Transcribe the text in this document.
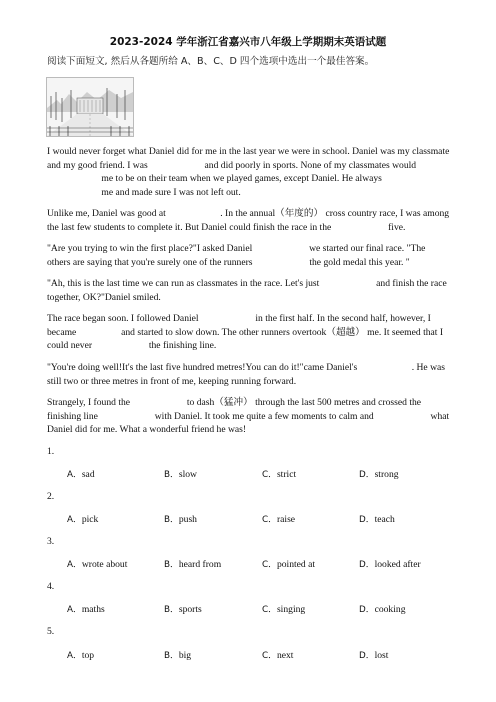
2023-2024 学年浙江省嘉兴市八年级上学期期末英语试题
阅读下面短文, 然后从各题所给 A、B、C、D 四个选项中选出一个最佳答案。
I would never forget what Daniel did for me in the last year we were in school. Daniel was my classmate and my good friend. I was	and did poorly in sports. None of my classmates would  me to be on their team when we played games, except Daniel. He always
me and made sure I was not left out.
Unlike me, Daniel was good at	. In the annual（年度的） cross country race, I was among the last few students to complete it. But Daniel could finish the race in the	five.
"Are you trying to win the first place?"I asked Daniel	we started our final race. "The others are saying that you're surely one of the runners	the gold medal this year. "
"Ah, this is the last time we can run as classmates in the race. Let's just	and finish the race together, OK?"Daniel smiled.
The race began soon. I followed Daniel	in the first half. In the second half, however, I became	and started to slow down. The other runners overtook（超越） me. It seemed that I could never	the finishing line.
"You're doing well!It's the last five hundred metres!You can do it!"came Daniel's	. He was still two or three metres in front of me, keeping running forward.
Strangely, I found the	to dash（猛冲） through the last 500 metres and crossed the finishing line	with Daniel. It took me quite a few moments to calm and	what Daniel did for me. What a wonderful friend he was!
1.
A．sad	B．slow	C．strict	D．strong
2.
A．pick	B．push	C．raise	D．teach
3.
A．wrote about	B．heard from	C．pointed at	D．looked after
4.
A．maths	B．sports	C．singing	D．cooking
5.
A．top	B．big	C．next	D．lost
